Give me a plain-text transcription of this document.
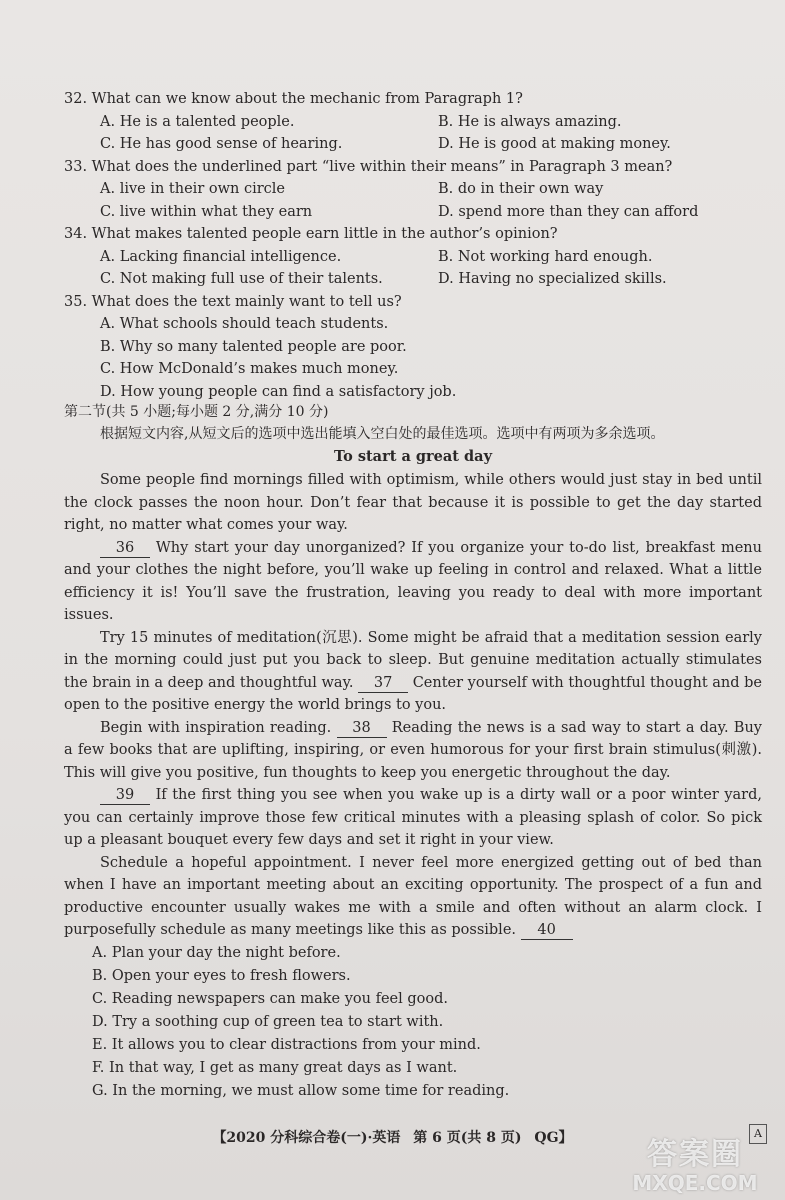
32. What can we know about the mechanic from Paragraph 1?
A. He is a talented people.	B. He is always amazing.
C. He has good sense of hearing.	D. He is good at making money.
33. What does the underlined part “live within their means” in Paragraph 3 mean?
A. live in their own circle	B. do in their own way
C. live within what they earn	D. spend more than they can afford
34. What makes talented people earn little in the author’s opinion?
A. Lacking financial intelligence.	B. Not working hard enough.
C. Not making full use of their talents.	D. Having no specialized skills.
35. What does the text mainly want to tell us?
A. What schools should teach students.
B. Why so many talented people are poor.
C. How McDonald’s makes much money.
D. How young people can find a satisfactory job.
第二节(共 5 小题;每小题 2 分,满分 10 分)
根据短文内容,从短文后的选项中选出能填入空白处的最佳选项。选项中有两项为多余选项。
To start a great day

Some people find mornings filled with optimism, while others would just stay in bed until the clock passes the noon hour. Don’t fear that because it is possible to get the day started right, no matter what comes your way.

36 Why start your day unorganized? If you organize your to-do list, breakfast menu and your clothes the night before, you’ll wake up feeling in control and relaxed. What a little efficiency it is! You’ll save the frustration, leaving you ready to deal with more important issues.

Try 15 minutes of meditation(沉思). Some might be afraid that a meditation session early in the morning could just put you back to sleep. But genuine meditation actually stimulates the brain in a deep and thoughtful way. 37 Center yourself with thoughtful thought and be open to the positive energy the world brings to you.

Begin with inspiration reading. 38 Reading the news is a sad way to start a day. Buy a few books that are uplifting, inspiring, or even humorous for your first brain stimulus(刺激). This will give you positive, fun thoughts to keep you energetic throughout the day.

39 If the first thing you see when you wake up is a dirty wall or a poor winter yard, you can certainly improve those few critical minutes with a pleasing splash of color. So pick up a pleasant bouquet every few days and set it right in your view.

Schedule a hopeful appointment. I never feel more energized getting out of bed than when I have an important meeting about an exciting opportunity. The prospect of a fun and productive encounter usually wakes me with a smile and often without an alarm clock. I purposefully schedule as many meetings like this as possible. 40

A. Plan your day the night before.
B. Open your eyes to fresh flowers.
C. Reading newspapers can make you feel good.
D. Try a soothing cup of green tea to start with.
E. It allows you to clear distractions from your mind.
F. In that way, I get as many great days as I want.
G. In the morning, we must allow some time for reading.
【2020 分科综合卷(一)·英语 第 6 页(共 8 页) QG】	A
答案圈
MXQE.COM
